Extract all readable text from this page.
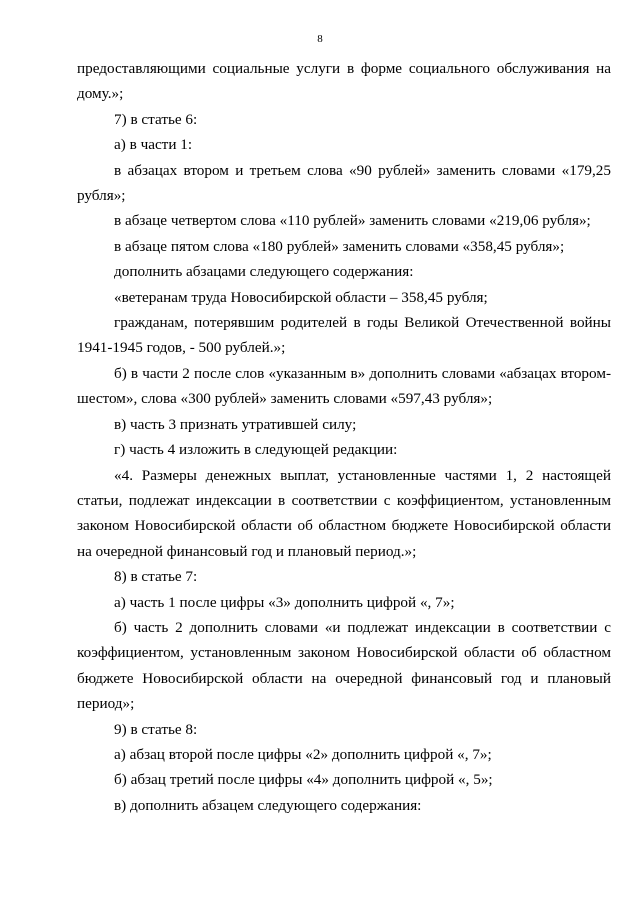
8

предоставляющими социальные услуги в форме социального обслуживания на дому.»;

7) в статье 6:

а) в части 1:

в абзацах втором и третьем слова «90 рублей» заменить словами «179,25 рубля»;

в абзаце четвертом слова «110 рублей» заменить словами «219,06 рубля»;

в абзаце пятом слова «180 рублей» заменить словами «358,45 рубля»;

дополнить абзацами следующего содержания:

«ветеранам труда Новосибирской области – 358,45 рубля;

гражданам, потерявшим родителей в годы Великой Отечественной войны 1941-1945 годов, - 500 рублей.»;

б) в части 2 после слов «указанным в» дополнить словами «абзацах втором-шестом», слова «300 рублей» заменить словами «597,43 рубля»;

в) часть 3 признать утратившей силу;

г) часть 4 изложить в следующей редакции:

«4. Размеры денежных выплат, установленные частями 1, 2 настоящей статьи, подлежат индексации в соответствии с коэффициентом, установленным законом Новосибирской области об областном бюджете Новосибирской области на очередной финансовый год и плановый период.»;

8) в статье 7:

а) часть 1 после цифры «3» дополнить цифрой «, 7»;

б) часть 2 дополнить словами «и подлежат индексации в соответствии с коэффициентом, установленным законом Новосибирской области об областном бюджете Новосибирской области на очередной финансовый год и плановый период»;

9) в статье 8:

а) абзац второй после цифры «2» дополнить цифрой «, 7»;

б) абзац третий после цифры «4» дополнить цифрой «, 5»;

в) дополнить абзацем следующего содержания:
